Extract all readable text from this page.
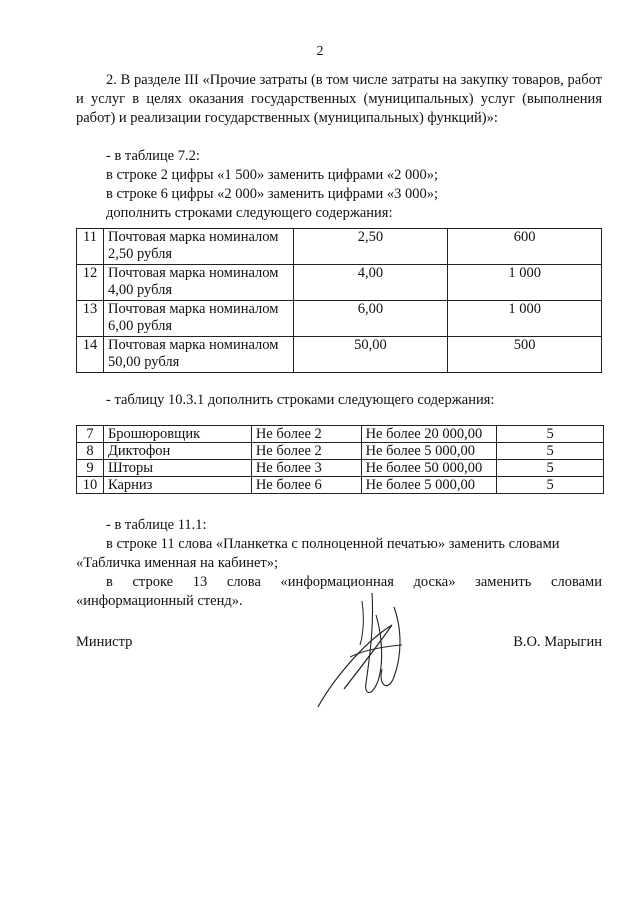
2

2. В разделе III «Прочие затраты (в том числе затраты на закупку товаров, работ и услуг в целях оказания государственных (муниципальных) услуг (выполнения работ) и реализации государственных (муниципальных) функций)»:

- в таблице 7.2:
в строке 2 цифры «1 500» заменить цифрами «2 000»;
в строке 6 цифры «2 000» заменить цифрами «3 000»;
дополнить строками следующего содержания:
11	Почтовая марка номиналом 2,50 рубля	2,50	600
12	Почтовая марка номиналом 4,00 рубля	4,00	1 000
13	Почтовая марка номиналом 6,00 рубля	6,00	1 000
14	Почтовая марка номиналом 50,00 рубля	50,00	500
- таблицу 10.3.1 дополнить строками следующего содержания:
7	Брошюровщик	Не более 2	Не более 20 000,00	5
8	Диктофон	Не более 2	Не более 5 000,00	5
9	Шторы	Не более 3	Не более 50 000,00	5
10	Карниз	Не более 6	Не более 5 000,00	5
- в таблице 11.1:
в строке 11 слова «Планкетка с полноценной печатью» заменить словами
«Табличка именная на кабинет»;
в строке 13 слова «информационная доска» заменить словами
«информационный стенд».
Министр	В.О. Марыгин
